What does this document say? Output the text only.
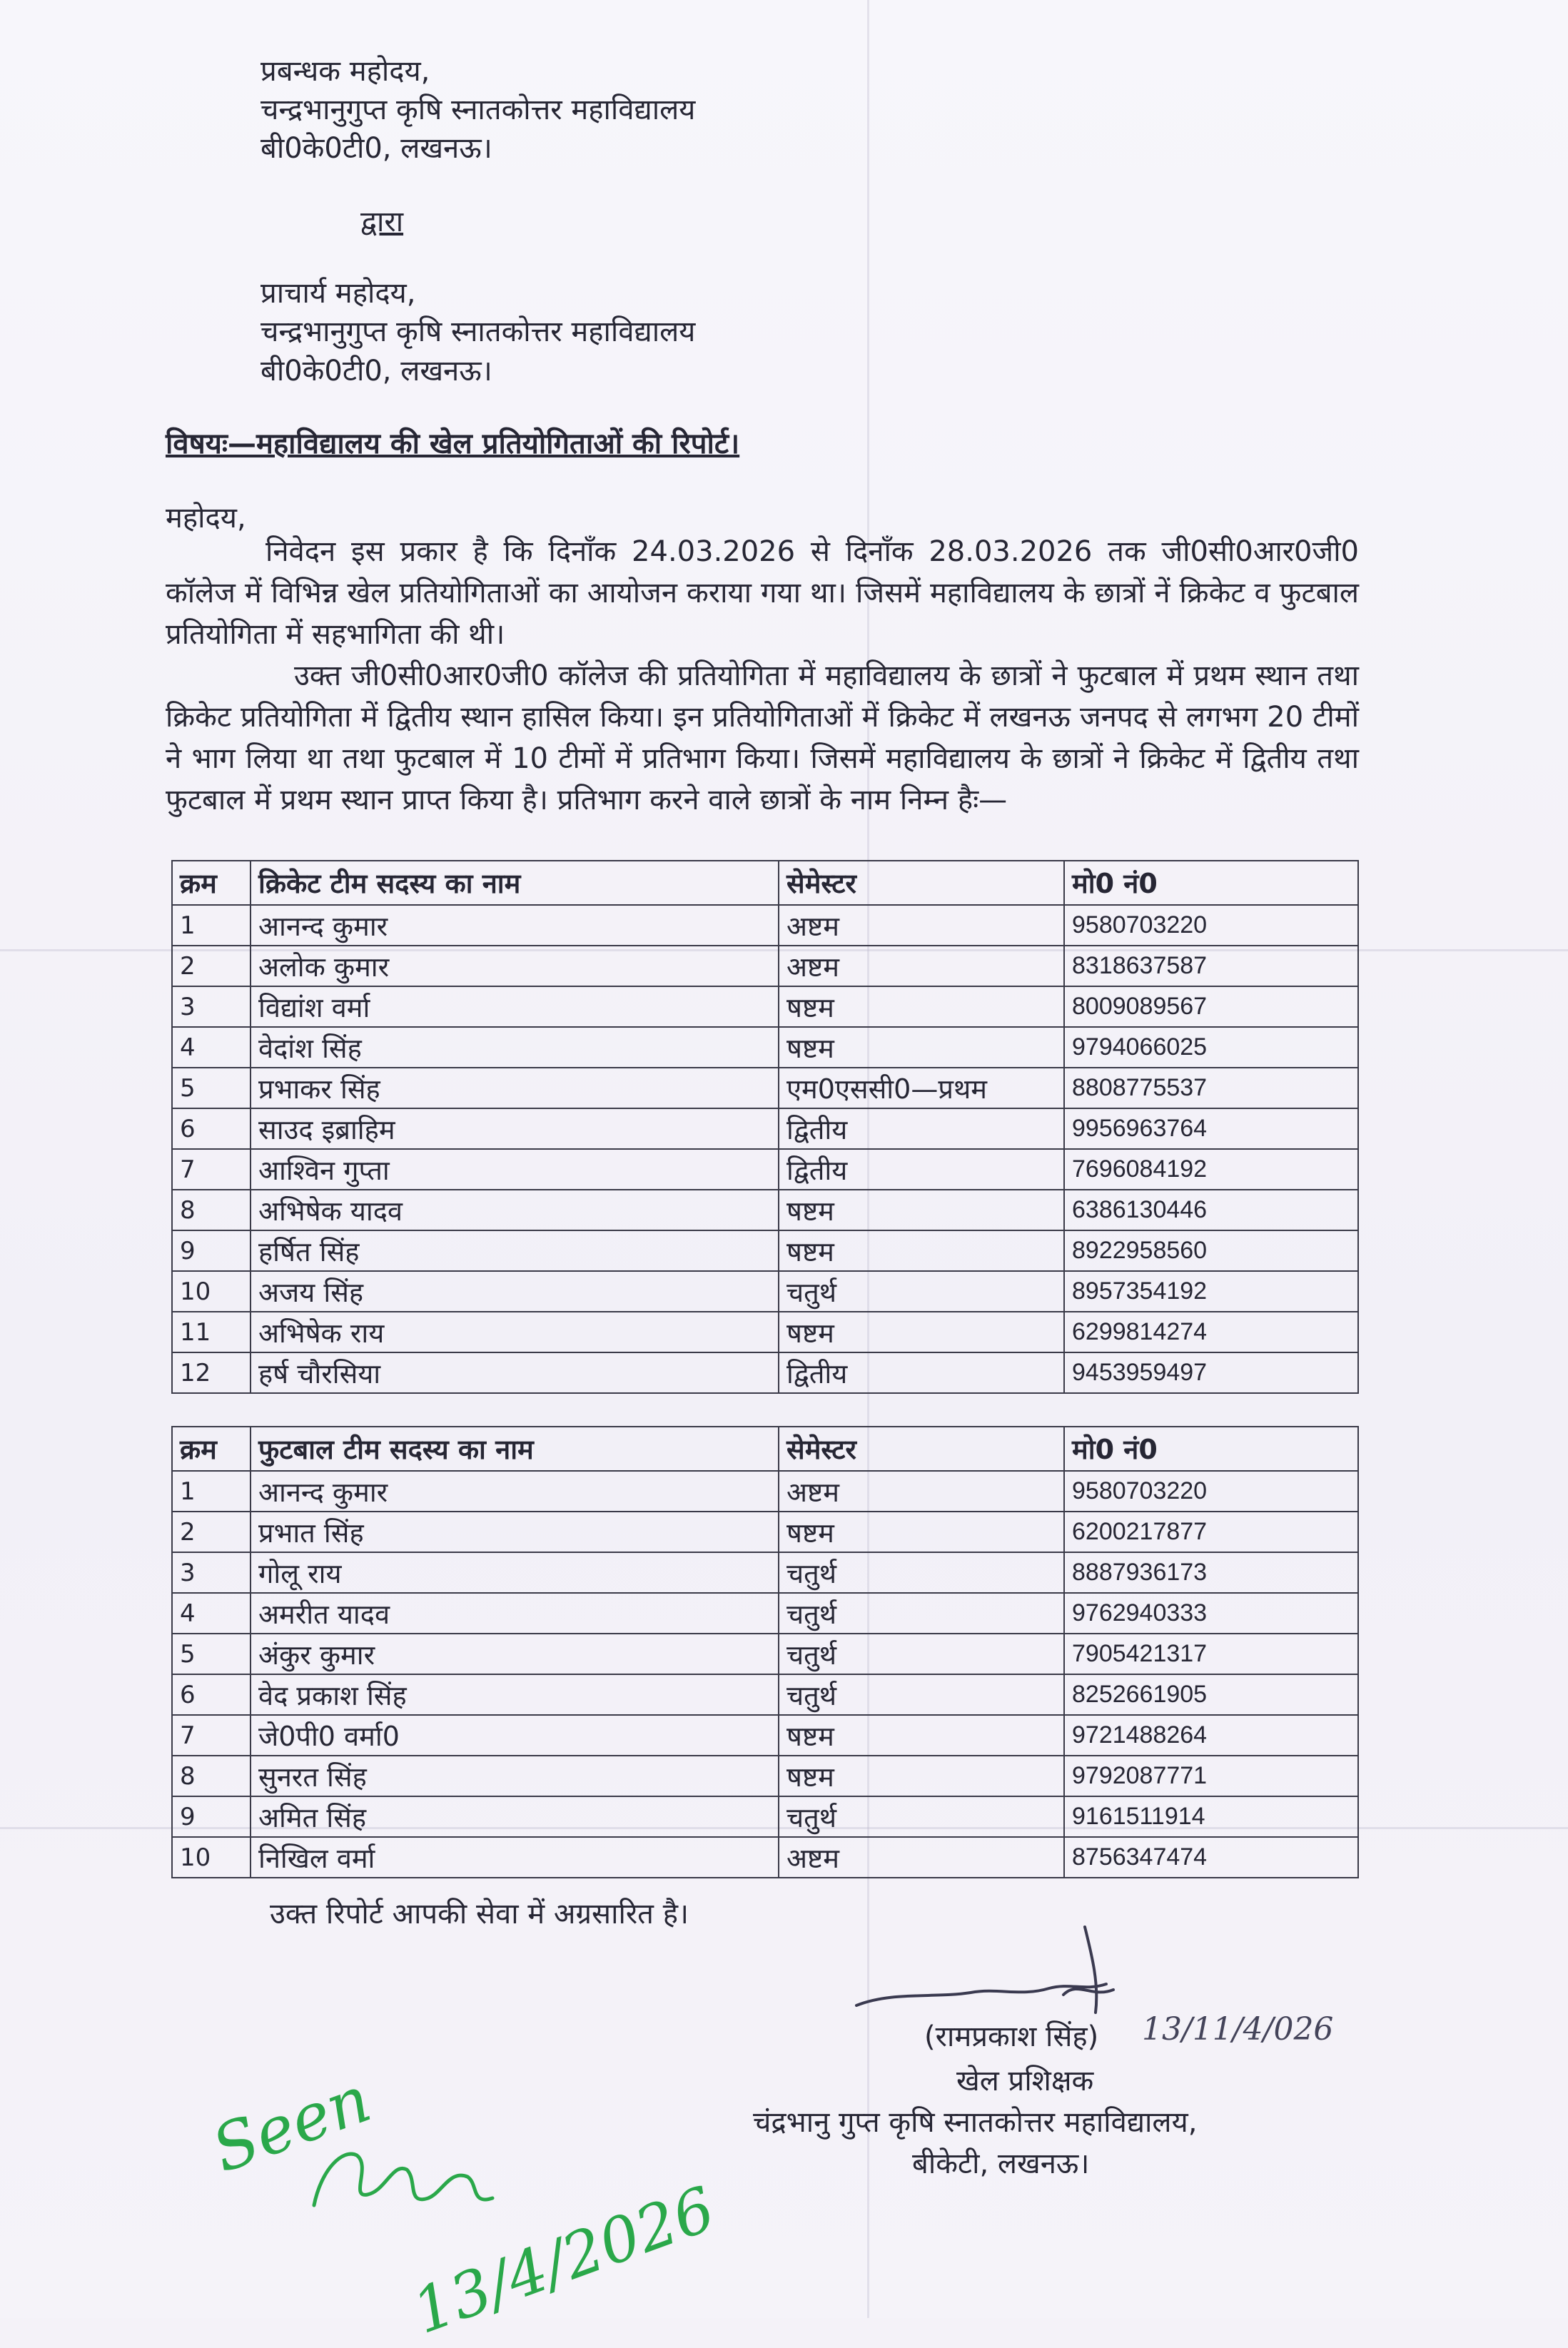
प्रबन्धक महोदय,
चन्द्रभानुगुप्त कृषि स्नातकोत्तर महाविद्यालय
बी0के0टी0, लखनऊ।
द्वारा
प्राचार्य महोदय,
चन्द्रभानुगुप्त कृषि स्नातकोत्तर महाविद्यालय
बी0के0टी0, लखनऊ।
विषयः—महाविद्यालय की खेल प्रतियोगिताओं की रिपोर्ट।
महोदय,
निवेदन इस प्रकार है कि दिनाँक 24.03.2026 से दिनाँक 28.03.2026 तक जी0सी0आर0जी0 कॉलेज में विभिन्न खेल प्रतियोगिताओं का आयोजन कराया गया था। जिसमें महाविद्यालय के छात्रों नें क्रिकेट व फुटबाल प्रतियोगिता में सहभागिता की थी।
उक्त जी0सी0आर0जी0 कॉलेज की प्रतियोगिता में महाविद्यालय के छात्रों ने फुटबाल में प्रथम स्थान तथा क्रिकेट प्रतियोगिता में द्वितीय स्थान हासिल किया। इन प्रतियोगिताओं में क्रिकेट में लखनऊ जनपद से लगभग 20 टीमों ने भाग लिया था तथा फुटबाल में 10 टीमों में प्रतिभाग किया। जिसमें महाविद्यालय के छात्रों ने क्रिकेट में द्वितीय तथा फुटबाल में प्रथम स्थान प्राप्त किया है। प्रतिभाग करने वाले छात्रों के नाम निम्न हैः—
क्रम	क्रिकेट टीम सदस्य का नाम	सेमेस्टर	मो0 नं0
1	आनन्द कुमार	अष्टम	9580703220
2	अलोक कुमार	अष्टम	8318637587
3	विद्यांश वर्मा	षष्टम	8009089567
4	वेदांश सिंह	षष्टम	9794066025
5	प्रभाकर सिंह	एम0एससी0—प्रथम	8808775537
6	साउद इब्राहिम	द्वितीय	9956963764
7	आश्विन गुप्ता	द्वितीय	7696084192
8	अभिषेक यादव	षष्टम	6386130446
9	हर्षित सिंह	षष्टम	8922958560
10	अजय सिंह	चतुर्थ	8957354192
11	अभिषेक राय	षष्टम	6299814274
12	हर्ष चौरसिया	द्वितीय	9453959497
क्रम	फुटबाल टीम सदस्य का नाम	सेमेस्टर	मो0 नं0
1	आनन्द कुमार	अष्टम	9580703220
2	प्रभात सिंह	षष्टम	6200217877
3	गोलू राय	चतुर्थ	8887936173
4	अमरीत यादव	चतुर्थ	9762940333
5	अंकुर कुमार	चतुर्थ	7905421317
6	वेद प्रकाश सिंह	चतुर्थ	8252661905
7	जे0पी0 वर्मा0	षष्टम	9721488264
8	सुनरत सिंह	षष्टम	9792087771
9	अमित सिंह	चतुर्थ	9161511914
10	निखिल वर्मा	अष्टम	8756347474
उक्त रिपोर्ट आपकी सेवा में अग्रसारित है।
(रामप्रकाश सिंह) 13/11/4/026
खेल प्रशिक्षक
चंद्रभानु गुप्त कृषि स्नातकोत्तर महाविद्यालय,
बीकेटी, लखनऊ।
Seen
13/4/2026
